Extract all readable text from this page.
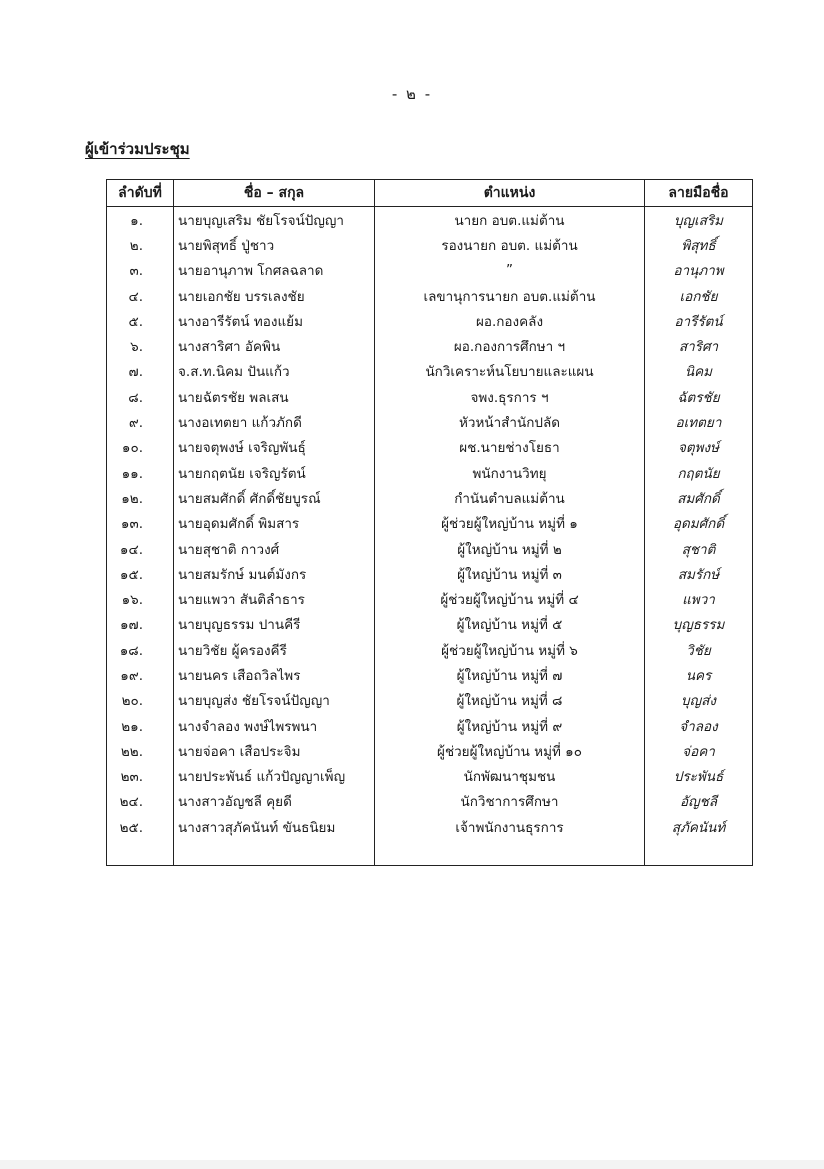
- ๒ -
ผู้เข้าร่วมประชุม
ลำดับที่	ชื่อ – สกุล	ตำแหน่ง	ลายมือชื่อ
๑.	นายบุญเสริม ชัยโรจน์ปัญญา	นายก อบต.แม่ต้าน	บุญเสริม
๒.	นายพิสุทธิ์ ปู่ชาว	รองนายก อบต. แม่ต้าน	พิสุทธิ์
๓.	นายอานุภาพ โกศลฉลาด	”	อานุภาพ
๔.	นายเอกชัย บรรเลงชัย	เลขานุการนายก อบต.แม่ต้าน	เอกชัย
๕.	นางอารีรัตน์ ทองแย้ม	ผอ.กองคลัง	อารีรัตน์
๖.	นางสาริศา อัคพิน	ผอ.กองการศึกษา ฯ	สาริศา
๗.	จ.ส.ท.นิคม ปันแก้ว	นักวิเคราะห์นโยบายและแผน	นิคม
๘.	นายฉัตรชัย พลเสน	จพง.ธุรการ ฯ	ฉัตรชัย
๙.	นางอเทตยา แก้วภักดี	หัวหน้าสำนักปลัด	อเทตยา
๑๐.	นายจตุพงษ์ เจริญพันธุ์	ผช.นายช่างโยธา	จตุพงษ์
๑๑.	นายกฤตนัย เจริญรัตน์	พนักงานวิทยุ	กฤตนัย
๑๒.	นายสมศักดิ์ ศักดิ์ชัยบูรณ์	กำนันตำบลแม่ต้าน	สมศักดิ์
๑๓.	นายอุดมศักดิ์ พิมสาร	ผู้ช่วยผู้ใหญ่บ้าน หมู่ที่ ๑	อุดมศักดิ์
๑๔.	นายสุชาติ กาวงศ์	ผู้ใหญ่บ้าน หมู่ที่ ๒	สุชาติ
๑๕.	นายสมรักษ์ มนต์มังกร	ผู้ใหญ่บ้าน หมู่ที่ ๓	สมรักษ์
๑๖.	นายแพวา สันติลำธาร	ผู้ช่วยผู้ใหญ่บ้าน หมู่ที่ ๔	แพวา
๑๗.	นายบุญธรรม ปานคีรี	ผู้ใหญ่บ้าน หมู่ที่ ๕	บุญธรรม
๑๘.	นายวิชัย ผู้ครองคีรี	ผู้ช่วยผู้ใหญ่บ้าน หมู่ที่ ๖	วิชัย
๑๙.	นายนคร เสือถวิลไพร	ผู้ใหญ่บ้าน หมู่ที่ ๗	นคร
๒๐.	นายบุญส่ง ชัยโรจน์ปัญญา	ผู้ใหญ่บ้าน หมู่ที่ ๘	บุญส่ง
๒๑.	นางจำลอง พงษ์ไพรพนา	ผู้ใหญ่บ้าน หมู่ที่ ๙	จำลอง
๒๒.	นายจ่อคา เสือประจิม	ผู้ช่วยผู้ใหญ่บ้าน หมู่ที่ ๑๐	จ่อคา
๒๓.	นายประพันธ์ แก้วปัญญาเพ็ญ	นักพัฒนาชุมชน	ประพันธ์
๒๔.	นางสาวอัญชลี คุยดี	นักวิชาการศึกษา	อัญชลี
๒๕.	นางสาวสุภัคนันท์ ขันธนิยม	เจ้าพนักงานธุรการ	สุภัคนันท์
